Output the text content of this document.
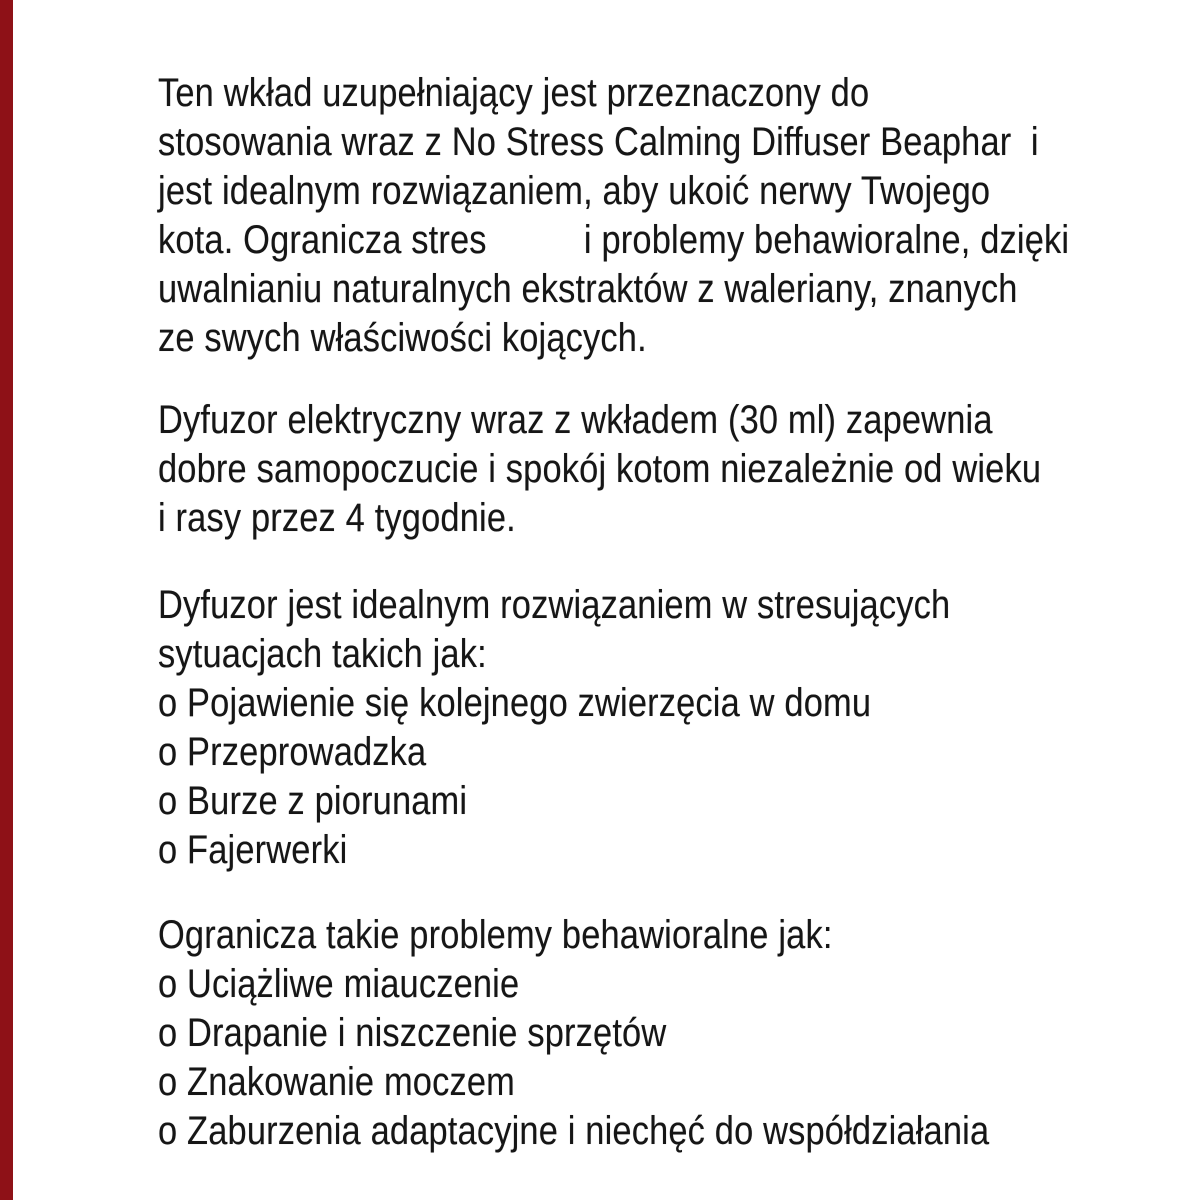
Ten wkład uzupełniający jest przeznaczony do
stosowania wraz z No Stress Calming Diffuser Beaphar  i
jest idealnym rozwiązaniem, aby ukoić nerwy Twojego
kota. Ogranicza stres          i problemy behawioralne, dzięki
uwalnianiu naturalnych ekstraktów z waleriany, znanych
ze swych właściwości kojących.
Dyfuzor elektryczny wraz z wkładem (30 ml) zapewnia
dobre samopoczucie i spokój kotom niezależnie od wieku
i rasy przez 4 tygodnie.
Dyfuzor jest idealnym rozwiązaniem w stresujących
sytuacjach takich jak:
o Pojawienie się kolejnego zwierzęcia w domu
o Przeprowadzka
o Burze z piorunami
o Fajerwerki
Ogranicza takie problemy behawioralne jak:
o Uciążliwe miauczenie
o Drapanie i niszczenie sprzętów
o Znakowanie moczem
o Zaburzenia adaptacyjne i niechęć do współdziałania
